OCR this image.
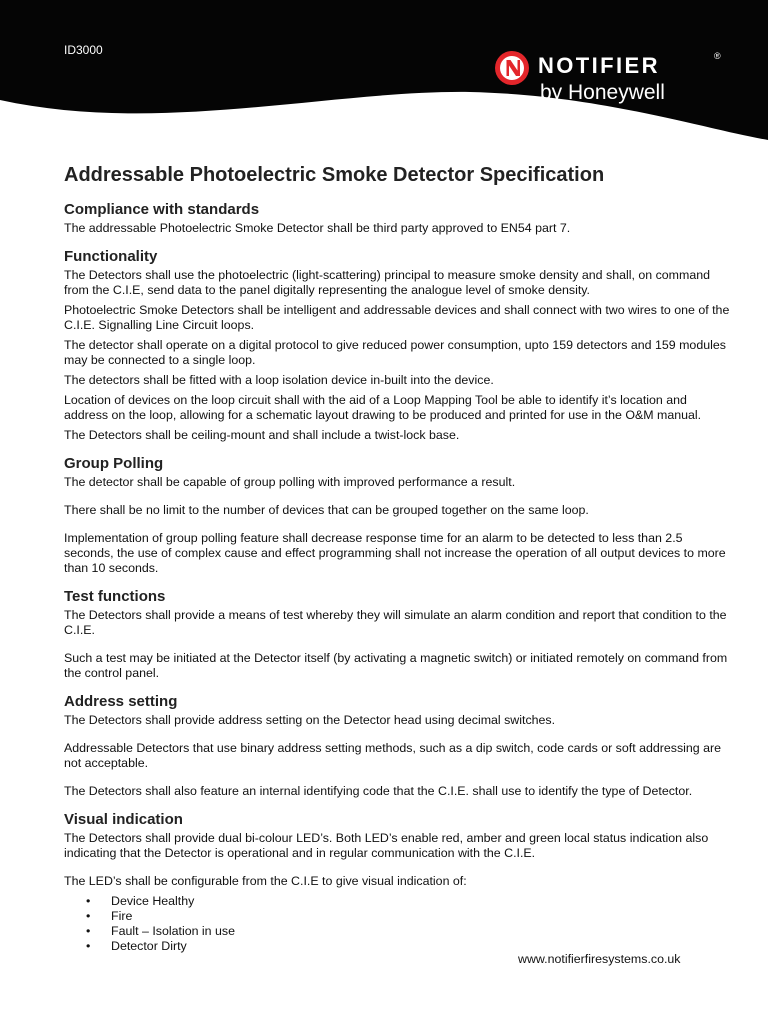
ID3000
NOTIFIER	®
by Honeywell
Addressable Photoelectric Smoke Detector Specification
Compliance with standards

The addressable Photoelectric Smoke Detector shall be third party approved to EN54 part 7.

Functionality

The Detectors shall use the photoelectric (light-scattering) principal to measure smoke density and shall, on command from the C.I.E, send data to the panel digitally representing the analogue level of smoke density.

Photoelectric Smoke Detectors shall be intelligent and addressable devices and shall connect with two wires to one of the C.I.E. Signalling Line Circuit loops.

The detector shall operate on a digital protocol to give reduced power consumption, upto 159 detectors and 159 modules may be connected to a single loop.

The detectors shall be fitted with a loop isolation device in-built into the device.

Location of devices on the loop circuit shall with the aid of a Loop Mapping Tool be able to identify it’s location and address on the loop, allowing for a schematic layout drawing to be produced and printed for use in the O&M manual.

The Detectors shall be ceiling-mount and shall include a twist-lock base.

Group Polling

The detector shall be capable of group polling with improved performance a result.

There shall be no limit to the number of devices that can be grouped together on the same loop.

Implementation of group polling feature shall decrease response time for an alarm to be detected to less than 2.5 seconds, the use of complex cause and effect programming shall not increase the operation of all output devices to more than 10 seconds.

Test functions

The Detectors shall provide a means of test whereby they will simulate an alarm condition and report that condition to the C.I.E.

Such a test may be initiated at the Detector itself (by activating a magnetic switch) or initiated remotely on command from the control panel.

Address setting

The Detectors shall provide address setting on the Detector head using decimal switches.

Addressable Detectors that use binary address setting methods, such as a dip switch, code cards or soft addressing are not acceptable.

The Detectors shall also feature an internal identifying code that the C.I.E. shall use to identify the type of Detector.

Visual indication

The Detectors shall provide dual bi-colour LED’s. Both LED’s enable red, amber and green local status indication also indicating that the Detector is operational and in regular communication with the C.I.E.

The LED’s shall be configurable from the C.I.E to give visual indication of:

• Device Healthy
• Fire
• Fault – Isolation in use
• Detector Dirty
www.notifierfiresystems.co.uk
